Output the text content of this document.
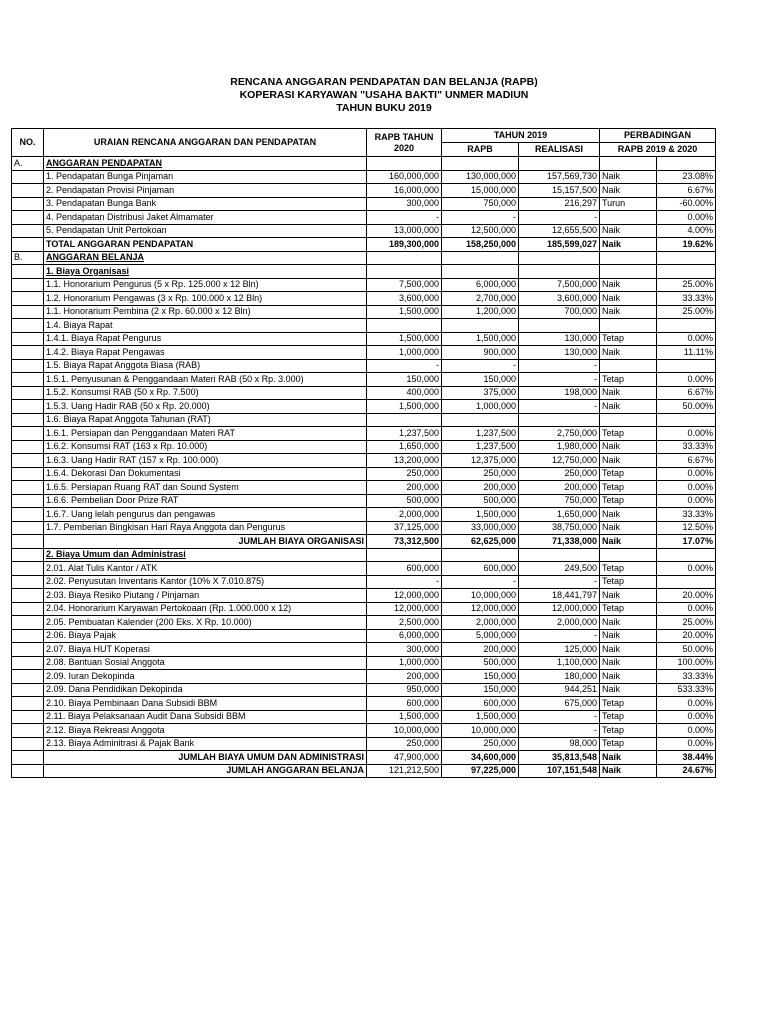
RENCANA ANGGARAN PENDAPATAN DAN BELANJA (RAPB)
KOPERASI KARYAWAN "USAHA BAKTI" UNMER MADIUN
TAHUN BUKU 2019
NO.	URAIAN RENCANA ANGGARAN DAN PENDAPATAN	RAPB TAHUN
2020	TAHUN 2019		PERBADINGAN	
			RAPB	REALISASI	RAPB 2019 & 2020	
A.	ANGGARAN PENDAPATAN					
	1. Pendapatan Bunga Pinjaman	160,000,000	130,000,000	157,569,730	Naik	23.08%
	2. Pendapatan Provisi Pinjaman	16,000,000	15,000,000	15,157,500	Naik	6.67%
	3. Pendapatan Bunga Bank	300,000	750,000	216,297	Turun	-60.00%
	4. Pendapatan Distribusi Jaket Almamater	-	-	-		0.00%
	5. Pendapatan Unit Pertokoan	13,000,000	12,500,000	12,655,500	Naik	4.00%
	TOTAL ANGGARAN PENDAPATAN	189,300,000	158,250,000	185,599,027	Naik	19.62%
B.	ANGGARAN BELANJA					
	1. Biaya Organisasi					
	1.1. Honorarium Pengurus (5 x Rp. 125.000 x 12 Bln)	7,500,000	6,000,000	7,500,000	Naik	25.00%
	1.2. Honorarium Pengawas (3 x Rp. 100.000 x 12 Bln)	3,600,000	2,700,000	3,600,000	Naik	33.33%
	1.1. Honorarium Pembina (2 x Rp. 60.000 x 12 Bln)	1,500,000	1,200,000	700,000	Naik	25.00%
	1.4. Biaya Rapat					
	1.4.1. Biaya Rapat Pengurus	1,500,000	1,500,000	130,000	Tetap	0.00%
	1.4.2. Biaya Rapat Pengawas	1,000,000	900,000	130,000	Naik	11.11%
	1.5. Biaya Rapat Anggota Biasa (RAB)	-	-	-		
	1.5.1. Penyusunan & Penggandaan Materi RAB (50 x Rp. 3.000)	150,000	150,000	-	Tetap	0.00%
	1.5.2. Konsumsi RAB (50 x Rp. 7.500)	400,000	375,000	198,000	Naik	6.67%
	1.5.3. Uang Hadir RAB (50 x Rp. 20.000)	1,500,000	1,000,000	-	Naik	50.00%
	1.6. Biaya Rapat Anggota Tahunan (RAT)					
	1.6.1. Persiapan dan Penggandaan Materi RAT	1,237,500	1,237,500	2,750,000	Tetap	0.00%
	1.6.2. Konsumsi RAT (163 x Rp. 10.000)	1,650,000	1,237,500	1,980,000	Naik	33.33%
	1.6.3. Uang Hadir RAT (157 x Rp. 100.000)	13,200,000	12,375,000	12,750,000	Naik	6.67%
	1.6.4. Dekorasi Dan Dokumentasi	250,000	250,000	250,000	Tetap	0.00%
	1.6.5. Persiapan Ruang RAT dan Sound System	200,000	200,000	200,000	Tetap	0.00%
	1.6.6. Pembelian Door Prize RAT	500,000	500,000	750,000	Tetap	0.00%
	1.6.7. Uang lelah pengurus dan pengawas	2,000,000	1,500,000	1,650,000	Naik	33.33%
	1.7. Pemberian Bingkisan Hari Raya Anggota dan Pengurus	37,125,000	33,000,000	38,750,000	Naik	12.50%
	JUMLAH BIAYA ORGANISASI	73,312,500	62,625,000	71,338,000	Naik	17.07%
	2. Biaya Umum dan Administrasi					
	2.01. Alat Tulis Kantor / ATK	600,000	600,000	249,500	Tetap	0.00%
	2.02. Penyusutan Inventaris Kantor (10% X 7.010.875)	-	-	-	Tetap	
	2.03. Biaya Resiko Piutang / Pinjaman	12,000,000	10,000,000	18,441,797	Naik	20.00%
	2.04. Honorarium Karyawan Pertokoaan (Rp. 1.000.000 x 12)	12,000,000	12,000,000	12,000,000	Tetap	0.00%
	2.05. Pembuatan Kalender (200 Eks. X Rp. 10.000)	2,500,000	2,000,000	2,000,000	Naik	25.00%
	2.06. Biaya Pajak	6,000,000	5,000,000	-	Naik	20.00%
	2.07. Biaya HUT Koperasi	300,000	200,000	125,000	Naik	50.00%
	2.08. Bantuan Sosial Anggota	1,000,000	500,000	1,100,000	Naik	100.00%
	2.09. Iuran Dekopinda	200,000	150,000	180,000	Naik	33.33%
	2.09. Dana Pendidikan Dekopinda	950,000	150,000	944,251	Naik	533.33%
	2.10. Biaya Pembinaan Dana Subsidi BBM	600,000	600,000	675,000	Tetap	0.00%
	2.11. Biaya Pelaksanaan Audit Dana Subsidi BBM	1,500,000	1,500,000	-	Tetap	0.00%
	2.12. Biaya Rekreasi Anggota	10,000,000	10,000,000	-	Tetap	0.00%
	2.13. Biaya Adminitrasi & Pajak Bank	250,000	250,000	98,000	Tetap	0.00%
	JUMLAH BIAYA UMUM DAN ADMINISTRASI	47,900,000	34,600,000	35,813,548	Naik	38.44%
	JUMLAH ANGGARAN BELANJA	121,212,500	97,225,000	107,151,548	Naik	24.67%
